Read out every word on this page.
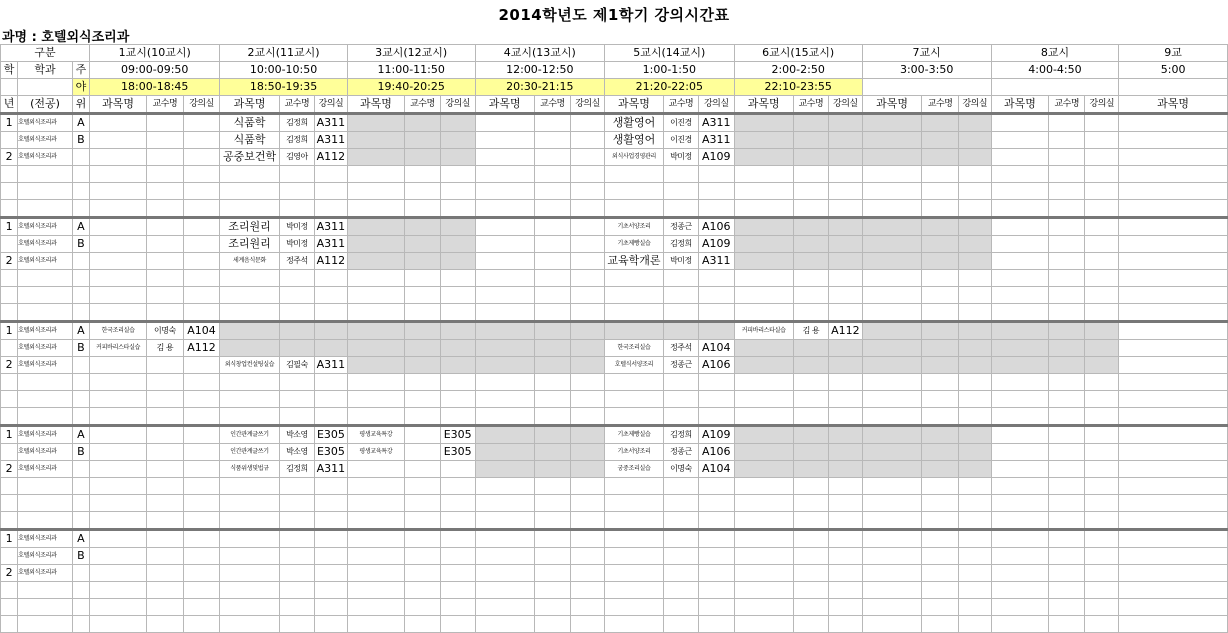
2014학년도 제1학기 강의시간표
과명 : 호텔외식조리과
구분			1교시(10교시)			2교시(11교시)			3교시(12교시)			4교시(13교시)			5교시(14교시)			6교시(15교시)			7교시			8교시			9교
학	학과	주	09:00-09:50			10:00-10:50			11:00-11:50			12:00-12:50			1:00-1:50			2:00-2:50			3:00-3:50			4:00-4:50			5:00
		야	18:00-18:45			18:50-19:35			19:40-20:25			20:30-21:15			21:20-22:05			22:10-23:55									
년	(전공)	위	과목명	교수명	강의실	과목명	교수명	강의실	과목명	교수명	강의실	과목명	교수명	강의실	과목명	교수명	강의실	과목명	교수명	강의실	과목명	교수명	강의실	과목명	교수명	강의실	과목명
1	호텔외식조리과	A				식품학	김정희	A311							생활영어	이진경	A311										
	호텔외식조리과	B				식품학	김정희	A311							생활영어	이진경	A311										
2	호텔외식조리과					공중보건학	김영아	A112							외식사업경영관리	박미정	A109										

1	호텔외식조리과	A				조리원리	박미정	A311							기초서양조리	정종근	A106										
	호텔외식조리과	B				조리원리	박미정	A311							기초제빵실습	김정희	A109										
2	호텔외식조리과					세계음식문화	정주석	A112							교육학개론	박미정	A311										

1	호텔외식조리과	A	한국조리실습	이명숙	A104													커피바리스타실습	김 용	A112							
	호텔외식조리과	B	커피바리스타실습	김 용	A112										한국조리실습	정주석	A104										
2	호텔외식조리과					외식창업컨설팅실습	김필숙	A311							호텔식서양조리	정종근	A106										

1	호텔외식조리과	A				인간관계글쓰기	박소영	E305	평생교육특강		E305				기초제빵실습	김정희	A109										
	호텔외식조리과	B				인간관계글쓰기	박소영	E305	평생교육특강		E305				기초서양조리	정종근	A106										
2	호텔외식조리과					식품위생및법규	김정희	A311							궁중조리실습	이명숙	A104										

1	호텔외식조리과	A																									
	호텔외식조리과	B																									
2	호텔외식조리과																										
